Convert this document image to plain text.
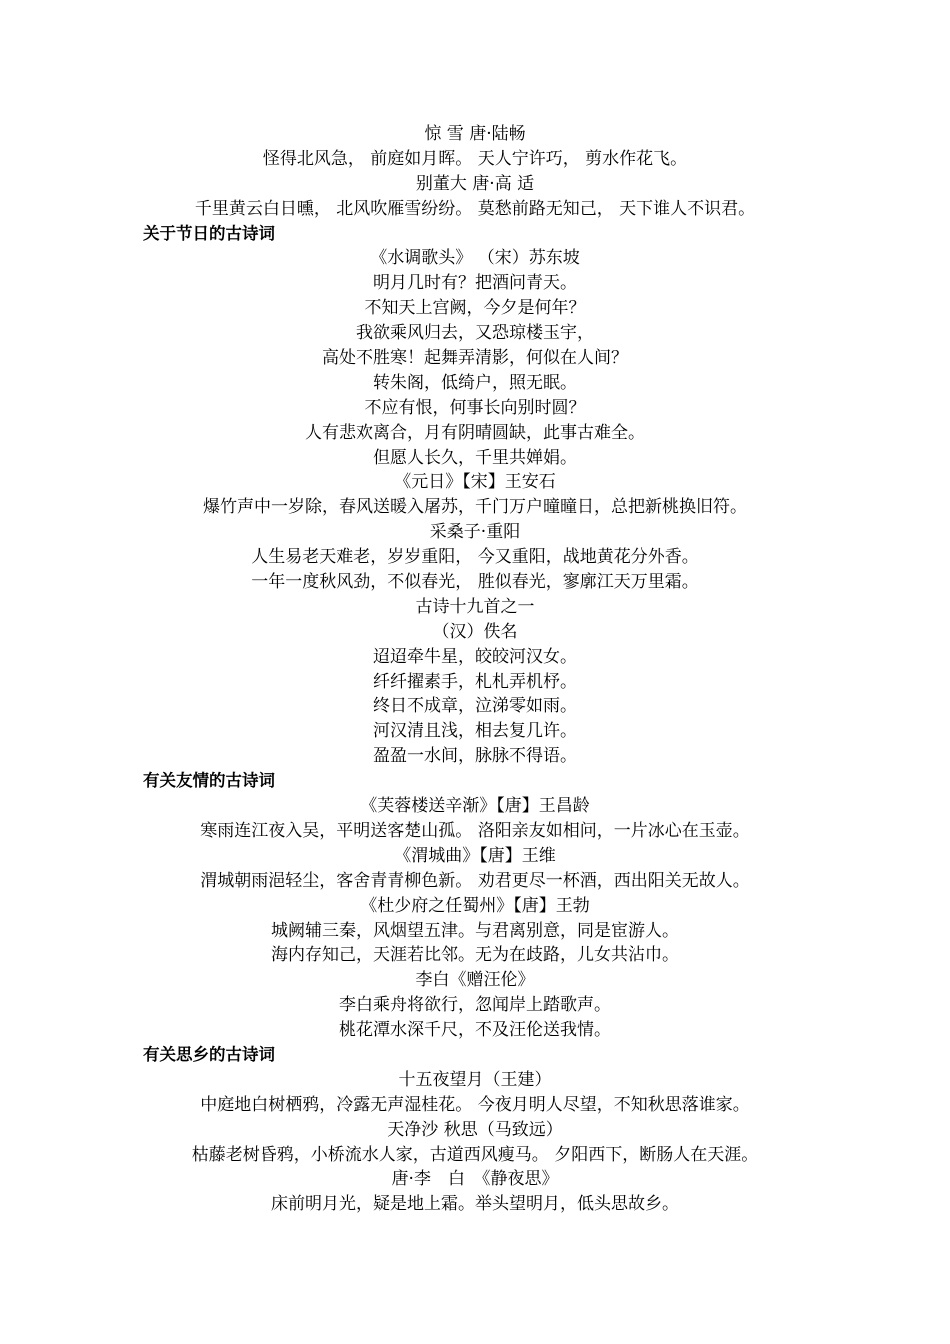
惊 雪 唐·陆畅
怪得北风急， 前庭如月晖。 天人宁许巧， 剪水作花飞。
别董大 唐·高 适
千里黄云白日曛， 北风吹雁雪纷纷。 莫愁前路无知己， 天下谁人不识君。
关于节日的古诗词
《水调歌头》 （宋）苏东坡
明月几时有？把酒问青天。
不知天上宫阙，今夕是何年？
我欲乘风归去，又恐琼楼玉宇，
高处不胜寒！起舞弄清影，何似在人间？
转朱阁，低绮户，照无眠。
不应有恨，何事长向别时圆？
人有悲欢离合，月有阴晴圆缺，此事古难全。
但愿人长久，千里共婵娟。
《元日》【宋】王安石
爆竹声中一岁除，春风送暖入屠苏，千门万户曈曈日，总把新桃换旧符。
采桑子·重阳
人生易老天难老，岁岁重阳， 今又重阳，战地黄花分外香。
一年一度秋风劲，不似春光， 胜似春光，寥廓江天万里霜。
古诗十九首之一
（汉）佚名
迢迢牵牛星，皎皎河汉女。
纤纤擢素手，札札弄机杼。
终日不成章，泣涕零如雨。
河汉清且浅，相去复几许。
盈盈一水间，脉脉不得语。
有关友情的古诗词
《芙蓉楼送辛渐》【唐】王昌龄
寒雨连江夜入吴，平明送客楚山孤。 洛阳亲友如相问，一片冰心在玉壶。
《渭城曲》【唐】王维
渭城朝雨浥轻尘，客舍青青柳色新。 劝君更尽一杯酒，西出阳关无故人。
《杜少府之任蜀州》【唐】王勃
城阙辅三秦，风烟望五津。与君离别意，同是宦游人。
海内存知己，天涯若比邻。无为在歧路，儿女共沾巾。
李白《赠汪伦》
李白乘舟将欲行，忽闻岸上踏歌声。
桃花潭水深千尺，不及汪伦送我情。
有关思乡的古诗词
十五夜望月（王建）
中庭地白树栖鸦，冷露无声湿桂花。 今夜月明人尽望，不知秋思落谁家。
天净沙 秋思（马致远）
枯藤老树昏鸦，小桥流水人家，古道西风瘦马。 夕阳西下，断肠人在天涯。
唐·李　白　《静夜思》
床前明月光，疑是地上霜。举头望明月，低头思故乡。
